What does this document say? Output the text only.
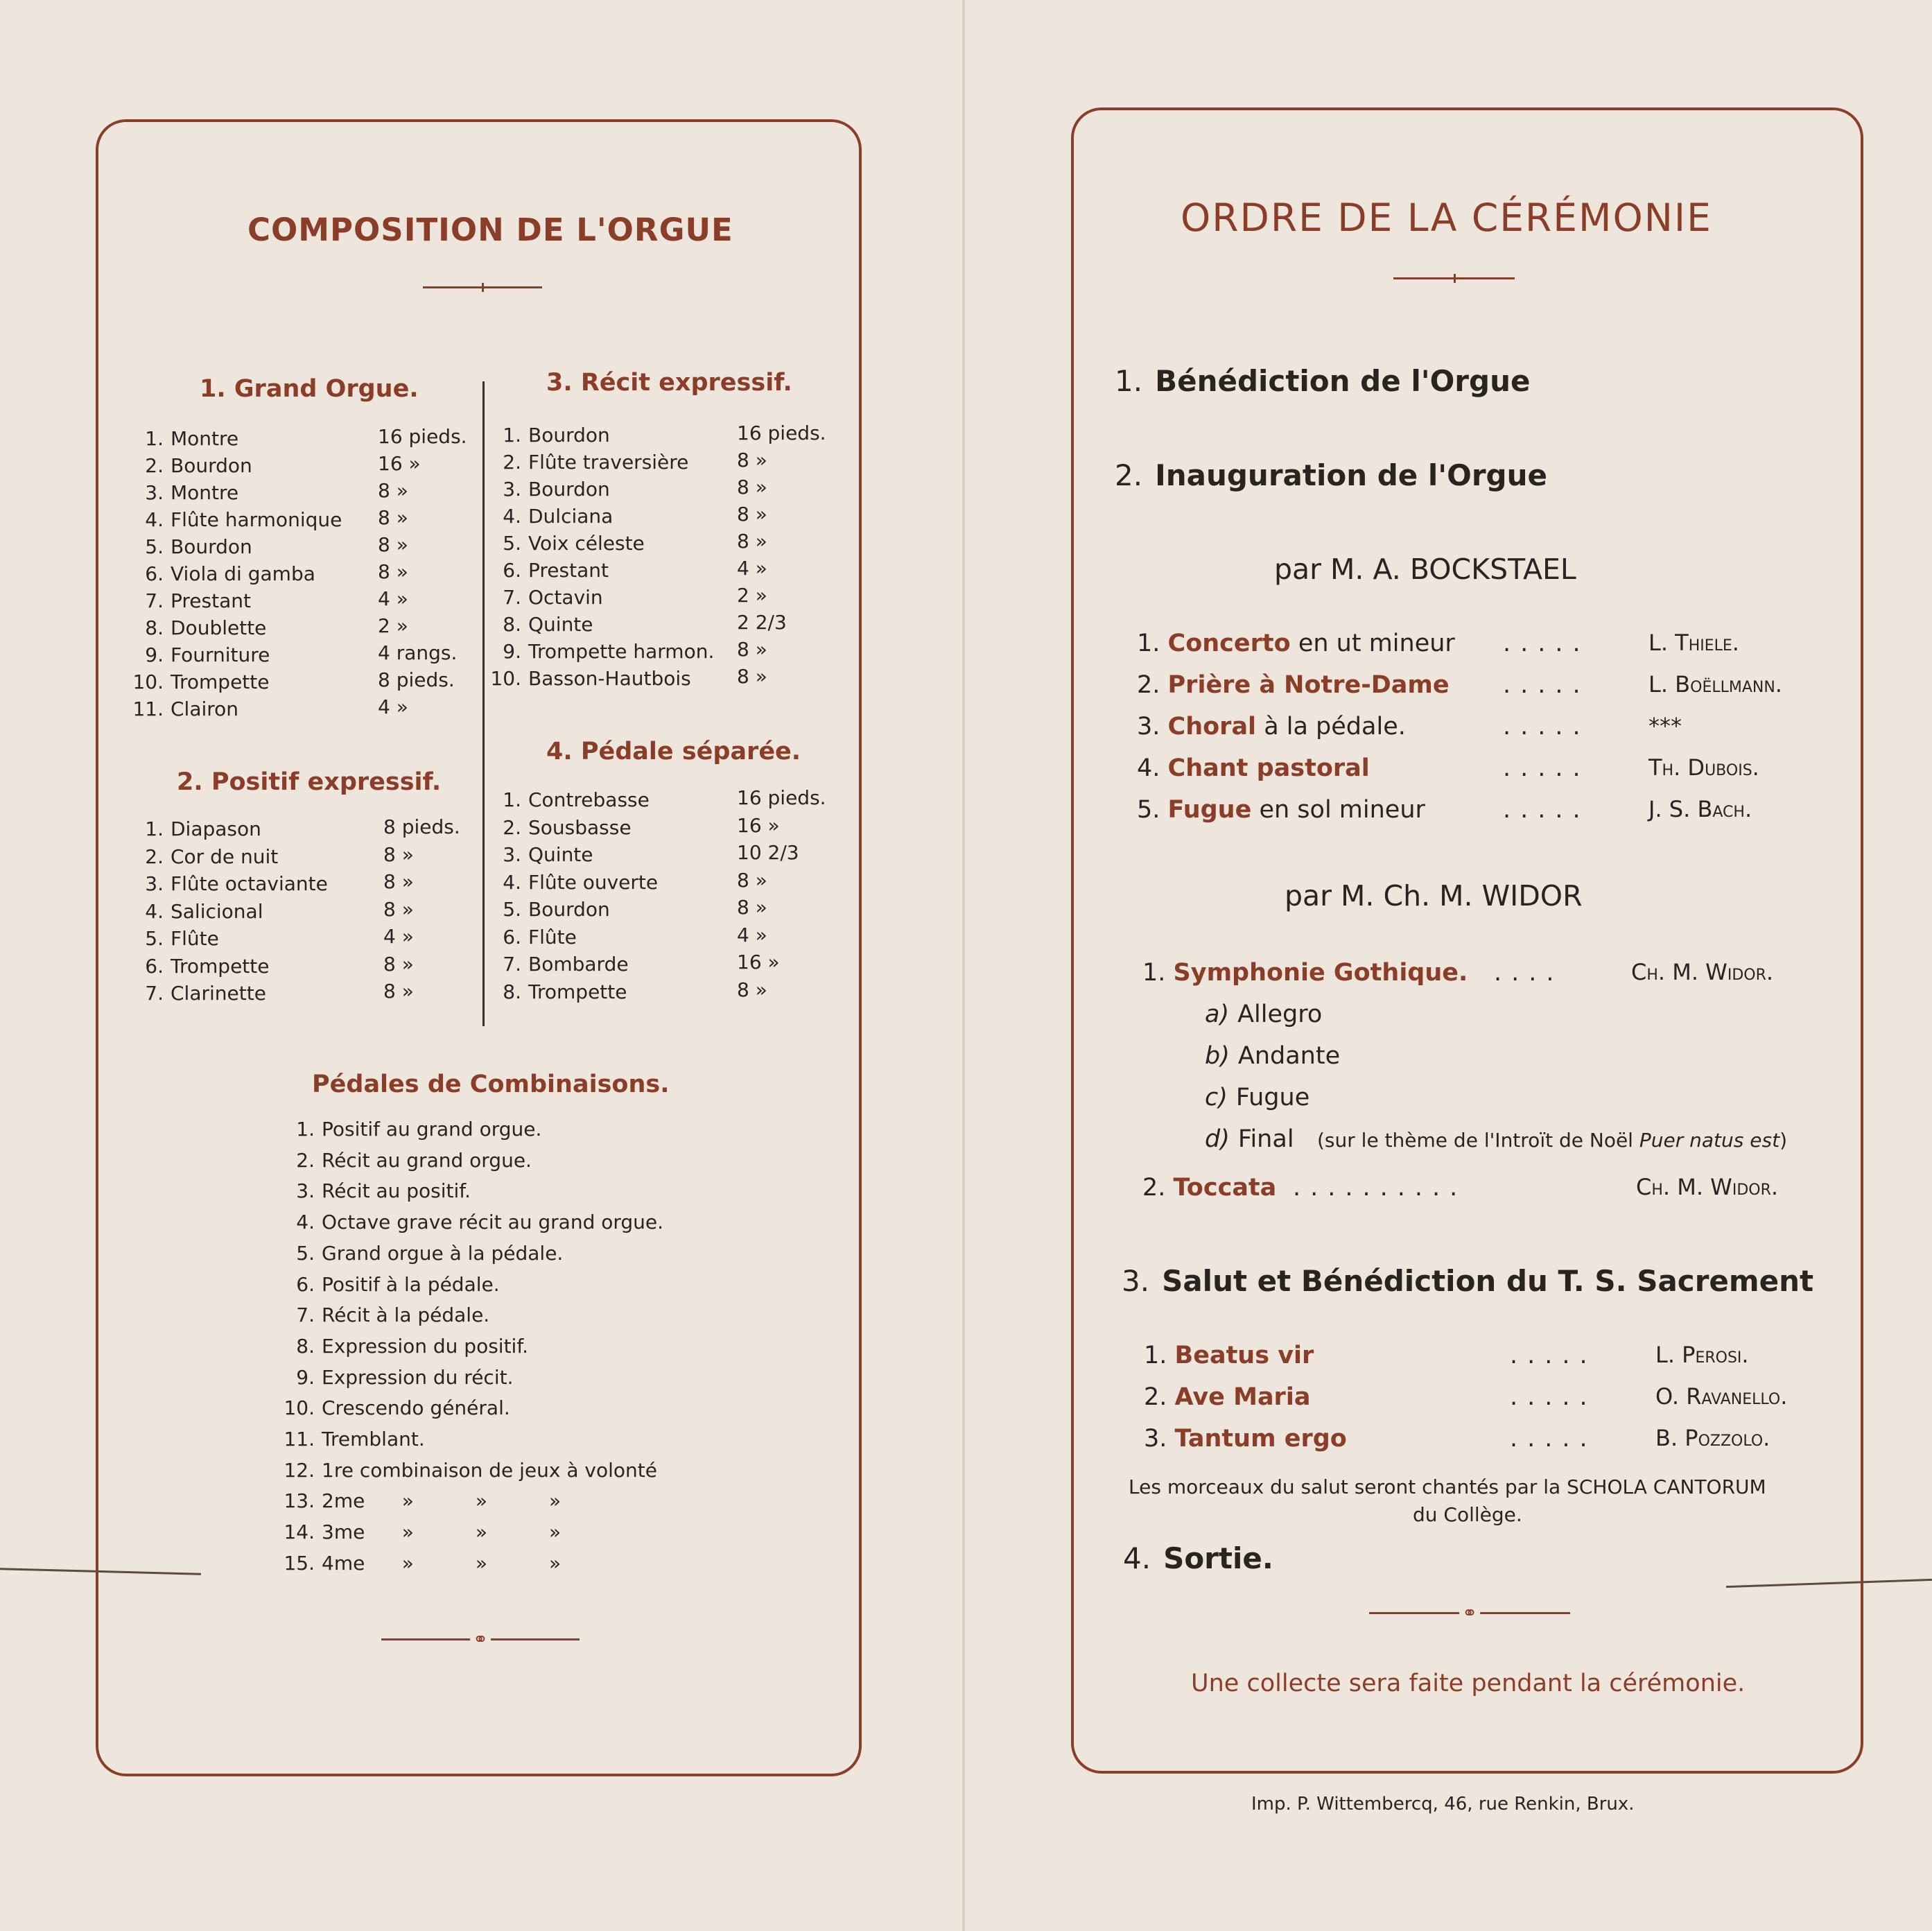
COMPOSITION DE L'ORGUE
1. Grand Orgue.
1. Montre	16 pieds.
2. Bourdon	16 »
3. Montre	8 »
4. Flûte harmonique 8 »
5. Bourdon	8 »
6. Viola di gamba	8 »
7. Prestant	4 »
8. Doublette	2 »
9. Fourniture	4 rangs.
10. Trompette	8 pieds.
11. Clairon	4 »
2. Positif expressif.
1. Diapason	8 pieds.
2. Cor de nuit	8 »
3. Flûte octaviante	8 »
4. Salicional	8 »
5. Flûte	4 »
6. Trompette	8 »
7. Clarinette	8 »
3. Récit expressif.
1. Bourdon	16 pieds.
2. Flûte traversière 8 »
3. Bourdon	8 »
4. Dulciana	8 »
5. Voix céleste	8 »
6. Prestant	4 »
7. Octavin	2 »
8. Quinte	2 2/3
9. Trompette harmon. 8 »
10. Basson-Hautbois 8 »
4. Pédale séparée.
1. Contrebasse	16 pieds.
2. Sousbasse	16 »
3. Quinte	10 2/3
4. Flûte ouverte	8 »
5. Bourdon	8 »
6. Flûte	4 »
7. Bombarde	16 »
8. Trompette	8 »
Pédales de Combinaisons.
1. Positif au grand orgue.
2. Récit au grand orgue.
3. Récit au positif.
4. Octave grave récit au grand orgue.
5. Grand orgue à la pédale.
6. Positif à la pédale.
7. Récit à la pédale.
8. Expression du positif.
9. Expression du récit.
10. Crescendo général.
11. Tremblant.
12. 1re combinaison de jeux à volonté
13. 2me      »          »          »
14. 3me      »          »          »
15. 4me      »          »          »
⚭
ORDRE DE LA CÉRÉMONIE
1. Bénédiction de l'Orgue
2. Inauguration de l'Orgue
par M. A. BOCKSTAEL
1. Concerto en ut mineur .....	L. Thiele.
2. Prière à Notre-Dame .....	L. Boëllmann.
3. Choral à la pédale.	.....	***
4. Chant pastoral	.....	Th. Dubois.
5. Fugue en sol mineur	.....	J. S. Bach.
par M. Ch. M. WIDOR
1. Symphonie Gothique. ....	Ch. M. Widor.
a) Allegro
b) Andante
c) Fugue
d) Final (sur le thème de l'Introït de Noël Puer natus est)
2. Toccata ..........	Ch. M. Widor.
3. Salut et Bénédiction du T. S. Sacrement
1. Beatus vir	.....	L. Perosi.
2. Ave Maria	.....	O. Ravanello.
3. Tantum ergo	.....	B. Pozzolo.
Les morceaux du salut seront chantés par la SCHOLA CANTORUM
du Collège.
4. Sortie.
⚭
Une collecte sera faite pendant la cérémonie.
Imp. P. Wittembercq, 46, rue Renkin, Brux.
